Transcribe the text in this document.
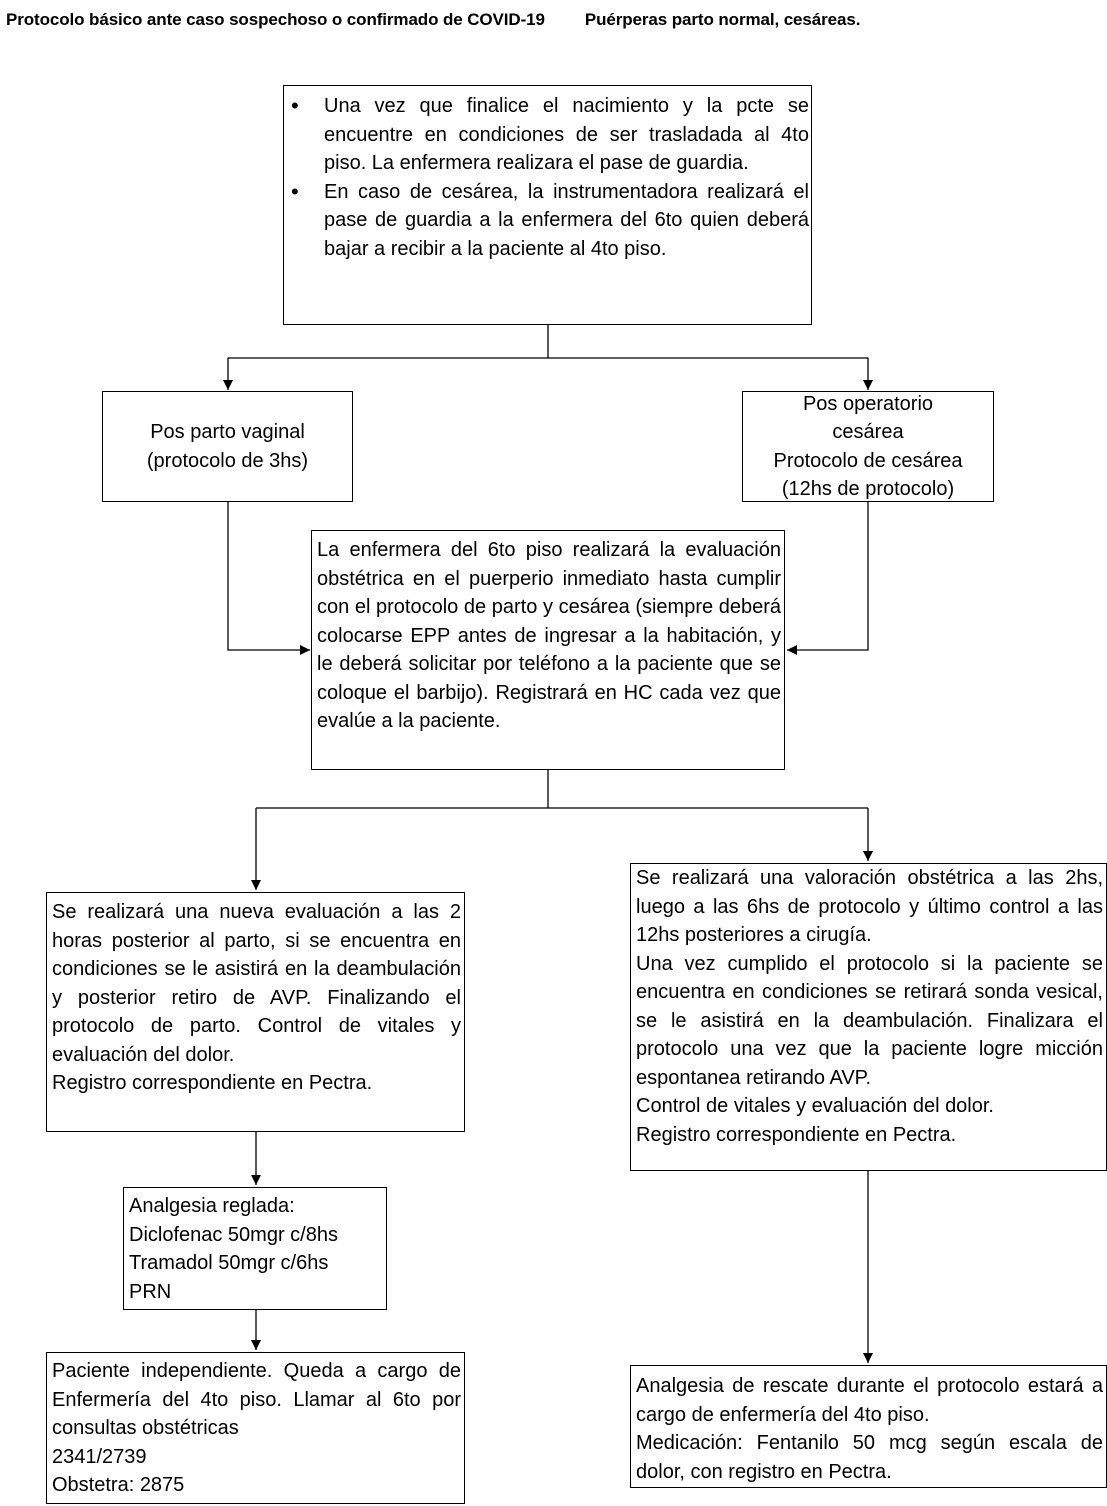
Protocolo básico ante caso sospechoso o confirmado de COVID-19 Puérperas parto normal, cesáreas.
• Una vez que finalice el nacimiento y la pcte se encuentre en condiciones de ser trasladada al 4to piso. La enfermera realizara el pase de guardia.
• En caso de cesárea, la instrumentadora realizará el pase de guardia a la enfermera del 6to quien deberá bajar a recibir a la paciente al 4to piso.

Pos parto vaginal

(protocolo de 3hs)

Pos operatorio

cesárea

Protocolo de cesárea

(12hs de protocolo)

La enfermera del 6to piso realizará la evaluación obstétrica en el puerperio inmediato hasta cumplir con el protocolo de parto y cesárea (siempre deberá colocarse EPP antes de ingresar a la habitación, y le deberá solicitar por teléfono a la paciente que se coloque el barbijo). Registrará en HC cada vez que evalúe a la paciente.

Se realizará una nueva evaluación a las 2 horas posterior al parto, si se encuentra en condiciones se le asistirá en la deambulación y posterior retiro de AVP. Finalizando el protocolo de parto. Control de vitales y evaluación del dolor.

Registro correspondiente en Pectra.

Analgesia reglada:

Diclofenac 50mgr c/8hs

Tramadol 50mgr c/6hs

PRN

Paciente independiente. Queda a cargo de Enfermería del 4to piso. Llamar al 6to por consultas obstétricas

2341/2739

Obstetra: 2875

Se realizará una valoración obstétrica a las 2hs, luego a las 6hs de protocolo y último control a las 12hs posteriores a cirugía.

Una vez cumplido el protocolo si la paciente se encuentra en condiciones se retirará sonda vesical, se le asistirá en la deambulación. Finalizara el protocolo una vez que la paciente logre micción espontanea retirando AVP.

Control de vitales y evaluación del dolor.

Registro correspondiente en Pectra.

Analgesia de rescate durante el protocolo estará a cargo de enfermería del 4to piso.

Medicación: Fentanilo 50 mcg según escala de dolor, con registro en Pectra.
